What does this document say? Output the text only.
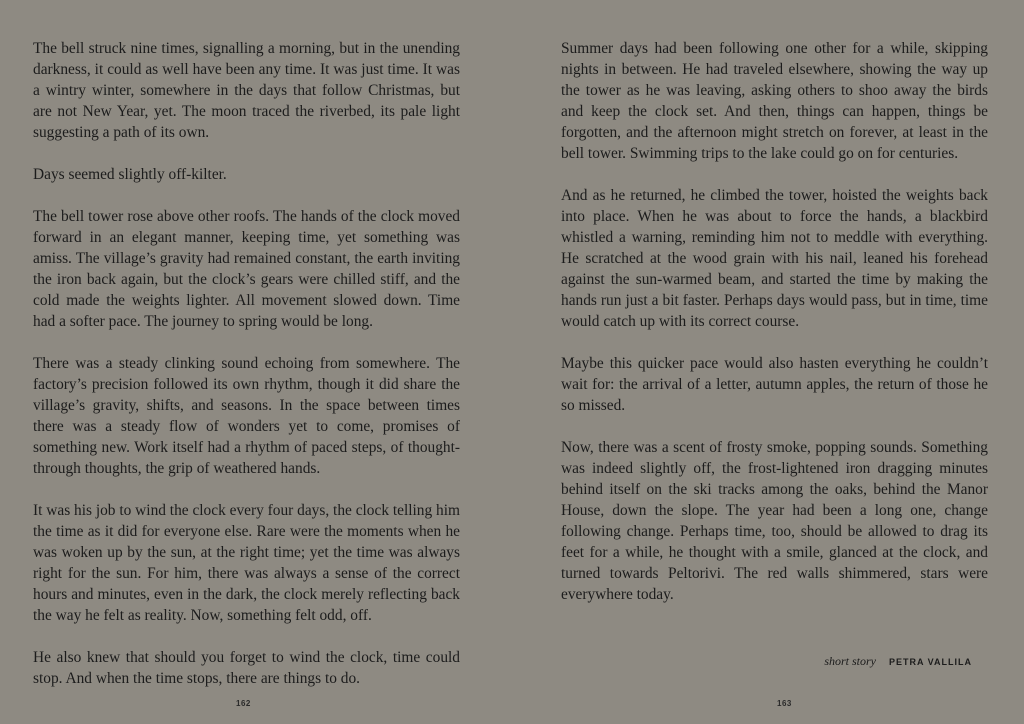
The bell struck nine times, signalling a morning, but in the unending darkness, it could as well have been any time. It was just time. It was a wintry winter, somewhere in the days that follow Christmas, but are not New Year, yet. The moon traced the riverbed, its pale light suggesting a path of its own.

Days seemed slightly off-kilter.

The bell tower rose above other roofs. The hands of the clock moved forward in an elegant manner, keeping time, yet something was amiss. The village’s gravity had remained constant, the earth inviting the iron back again, but the clock’s gears were chilled stiff, and the cold made the weights lighter. All movement slowed down. Time had a softer pace. The journey to spring would be long.

There was a steady clinking sound echoing from somewhere. The factory’s precision followed its own rhythm, though it did share the village’s gravity, shifts, and seasons. In the space between times there was a steady flow of wonders yet to come, promises of something new. Work itself had a rhythm of paced steps, of thought-through thoughts, the grip of weathered hands.

It was his job to wind the clock every four days, the clock telling him the time as it did for everyone else. Rare were the moments when he was woken up by the sun, at the right time; yet the time was always right for the sun. For him, there was always a sense of the correct hours and minutes, even in the dark, the clock merely reflecting back the way he felt as reality. Now, something felt odd, off.

He also knew that should you forget to wind the clock, time could stop. And when the time stops, there are things to do.

162

Summer days had been following one other for a while, skipping nights in between. He had traveled elsewhere, showing the way up the tower as he was leaving, asking others to shoo away the birds and keep the clock set. And then, things can happen, things be forgotten, and the afternoon might stretch on forever, at least in the bell tower. Swimming trips to the lake could go on for centuries.

And as he returned, he climbed the tower, hoisted the weights back into place. When he was about to force the hands, a blackbird whistled a warning, reminding him not to meddle with everything. He scratched at the wood grain with his nail, leaned his forehead against the sun-warmed beam, and started the time by making the hands run just a bit faster. Perhaps days would pass, but in time, time would catch up with its correct course.

Maybe this quicker pace would also hasten everything he couldn’t wait for: the arrival of a letter, autumn apples, the return of those he so missed.

Now, there was a scent of frosty smoke, popping sounds. Something was indeed slightly off, the frost-lightened iron dragging minutes behind itself on the ski tracks among the oaks, behind the Manor House, down the slope. The year had been a long one, change following change. Perhaps time, too, should be allowed to drag its feet for a while, he thought with a smile, glanced at the clock, and turned towards Peltorivi. The red walls shimmered, stars were everywhere today.

short story PETRA VALLILA
163
